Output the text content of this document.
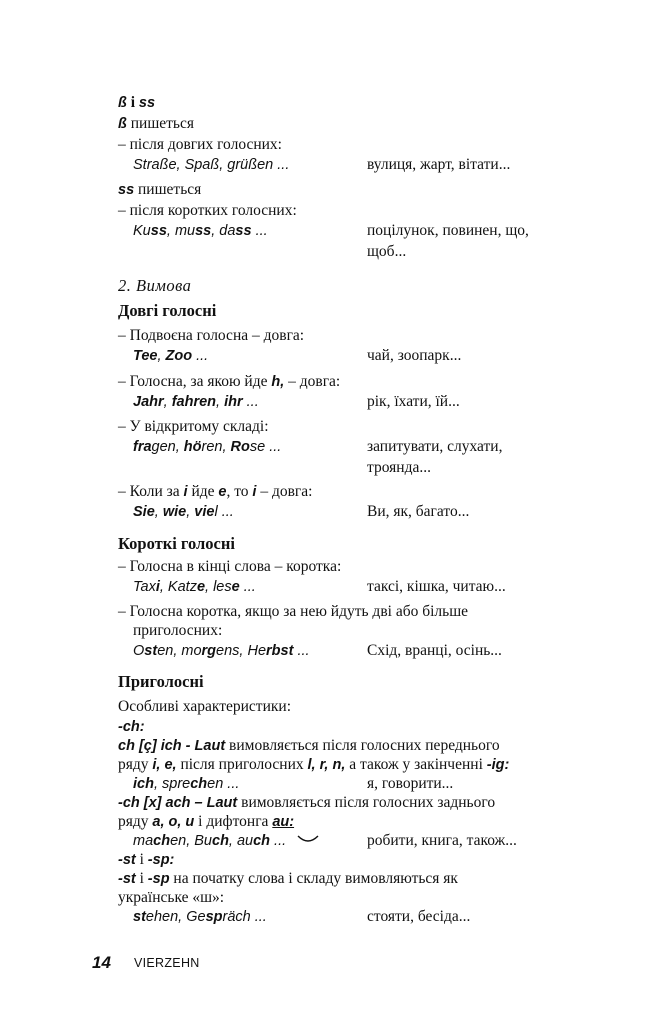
ß і ss
ß пишеться
– після довгих голосних:
Straße, Spaß, grüßen ...	вулиця, жарт, вітати...
ss пишеться
– після коротких голосних:
Kuss, muss, dass ...	поцілунок, повинен, що,
щоб...
2. Вимова
Довгі голосні
– Подвоєна голосна – довга:
Tee, Zoo ...	чай, зоопарк...
– Голосна, за якою йде h, – довга:
Jahr, fahren, ihr ...	рік, їхати, їй...
– У відкритому складі:
fragen, hören, Rose ...	запитувати, слухати,
троянда...
– Коли за i йде e, то i – довга:
Sie, wie, viel ...	Ви, як, багато...
Короткі голосні
– Голосна в кінці слова – коротка:
Taxi, Katze, lese ...	таксі, кішка, читаю...
– Голосна коротка, якщо за нею йдуть дві або більше
приголосних:
Osten, morgens, Herbst ...	Схід, вранці, осінь...
Приголосні
Особливі характеристики:
-ch:
ch [ç] ich - Laut вимовляється після голосних переднього
ряду i, e, після приголосних l, r, n, а також у закінченні -ig:
ich, sprechen ...	я, говорити...
-ch [x] ach – Laut вимовляється після голосних заднього
ряду a, o, u і дифтонга au:
machen, Buch, auch ...	робити, книга, також...
-st і -sp:
-st і -sp на початку слова і складу вимовляються як
українське «ш»:
stehen, Gespräch ...	стояти, бесіда...
14 VIERZEHN
